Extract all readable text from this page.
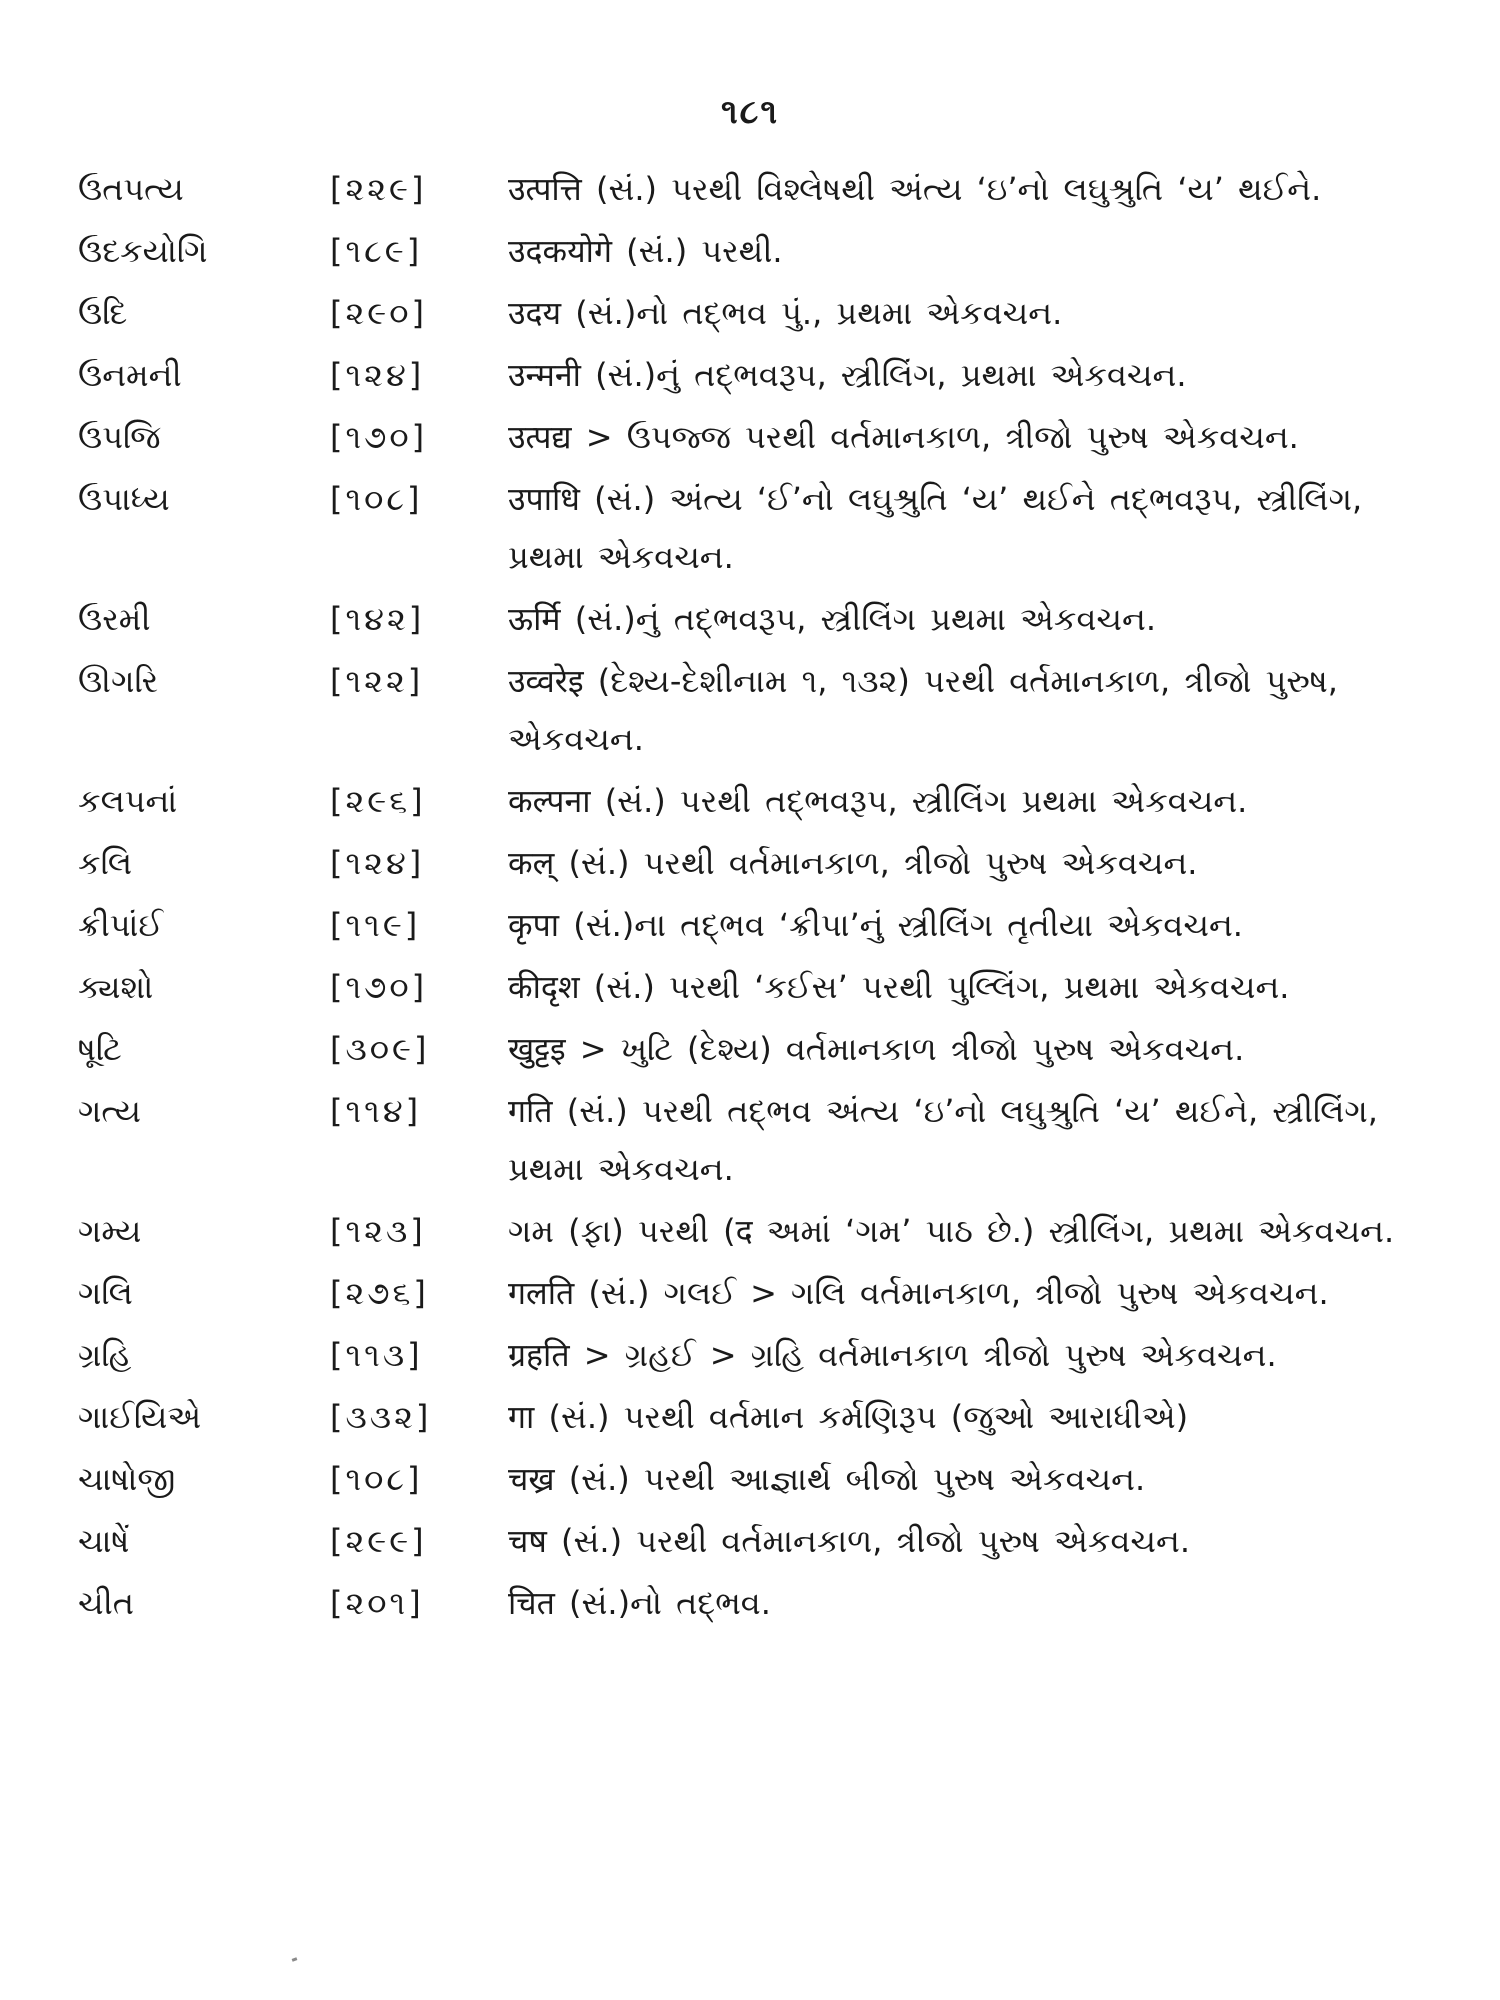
૧૮૧
ઉતપત્ય	[૨૨૯]	उत्पत्ति (સં.) પરથી વિશ્લેષથી અંત્ય ‘ઇ’નો લઘુશ્રુતિ ‘ય’ થઈને.
ઉદકયોગિ	[૧૮૯]	उदकयोगे (સં.) પરથી.
ઉદિ	[૨૯૦]	उदय (સં.)નો તદ્ભવ પું., પ્રથમા એકવચન.
ઉનમની	[૧૨૪]	उन्मनी (સં.)નું તદ્ભવરૂપ, સ્ત્રીલિંગ, પ્રથમા એકવચન.
ઉપજિ	[૧૭૦]	उत्पद्य > ઉપજ્જ પરથી વર્તમાનકાળ, ત્રીજો પુરુષ એકવચન.
ઉપાધ્ય	[૧૦૮]	उपाधि (સં.) અંત્ય ‘ઈ’નો લઘુશ્રુતિ ‘ય’ થઈને તદ્ભવરૂપ, સ્ત્રીલિંગ, પ્રથમા એકવચન.
ઉરમી	[૧૪૨]	ऊर्मि (સં.)નું તદ્ભવરૂપ, સ્ત્રીલિંગ પ્રથમા એકવચન.
ઊગરિ	[૧૨૨]	उव्वरेइ (દેશ્ય-દેશીનામ ૧, ૧૩૨) પરથી વર્તમાનકાળ, ત્રીજો પુરુષ, એકવચન.
કલપનાં	[૨૯૬]	कल्पना (સં.) પરથી તદ્ભવરૂપ, સ્ત્રીલિંગ પ્રથમા એકવચન.
કલિ	[૧૨૪]	कल् (સં.) પરથી વર્તમાનકાળ, ત્રીજો પુરુષ એકવચન.
ક્રીપાંઈ	[૧૧૯]	कृपा (સં.)ના તદ્ભવ ‘ક્રીપા’નું સ્ત્રીલિંગ તૃતીયા એકવચન.
ક્યશો	[૧૭૦]	कीदृश (સં.) પરથી ‘કઈસ’ પરથી પુલ્લિંગ, પ્રથમા એકવચન.
ષૂટિ	[૩૦૯]	खुट्टइ > ખુટિ (દેશ્ય) વર્તમાનકાળ ત્રીજો પુરુષ એકવચન.
ગત્ય	[૧૧૪]	गति (સં.) પરથી તદ્ભવ અંત્ય ‘ઇ’નો લઘુશ્રુતિ ‘ય’ થઈને, સ્ત્રીલિંગ, પ્રથમા એકવચન.
ગમ્ય	[૧૨૩]	ગમ (ફા) પરથી (द અમાં ‘ગમ’ પાઠ છે.) સ્ત્રીલિંગ, પ્રથમા એકવચન.
ગલિ	[૨૭૬]	गलति (સં.) ગલઈ > ગલિ વર્તમાનકાળ, ત્રીજો પુરુષ એકવચન.
ગ્રહિ	[૧૧૩]	ग्रहति > ગ્રહઈ > ગ્રહિ વર્તમાનકાળ ત્રીજો પુરુષ એકવચન.
ગાઈયિએ	[૩૩૨]	गा (સં.) પરથી વર્તમાન કર્મણિરૂપ (જુઓ આરાધીએ)
ચાષોજી	[૧૦૮]	चख्र (સં.) પરથી આજ્ઞાર્થ બીજો પુરુષ એકવચન.
ચાષેં	[૨૯૯]	चष (સં.) પરથી વર્તમાનકાળ, ત્રીજો પુરુષ એકવચન.
ચીત	[૨૦૧]	चित (સં.)નો તદ્ભવ.
